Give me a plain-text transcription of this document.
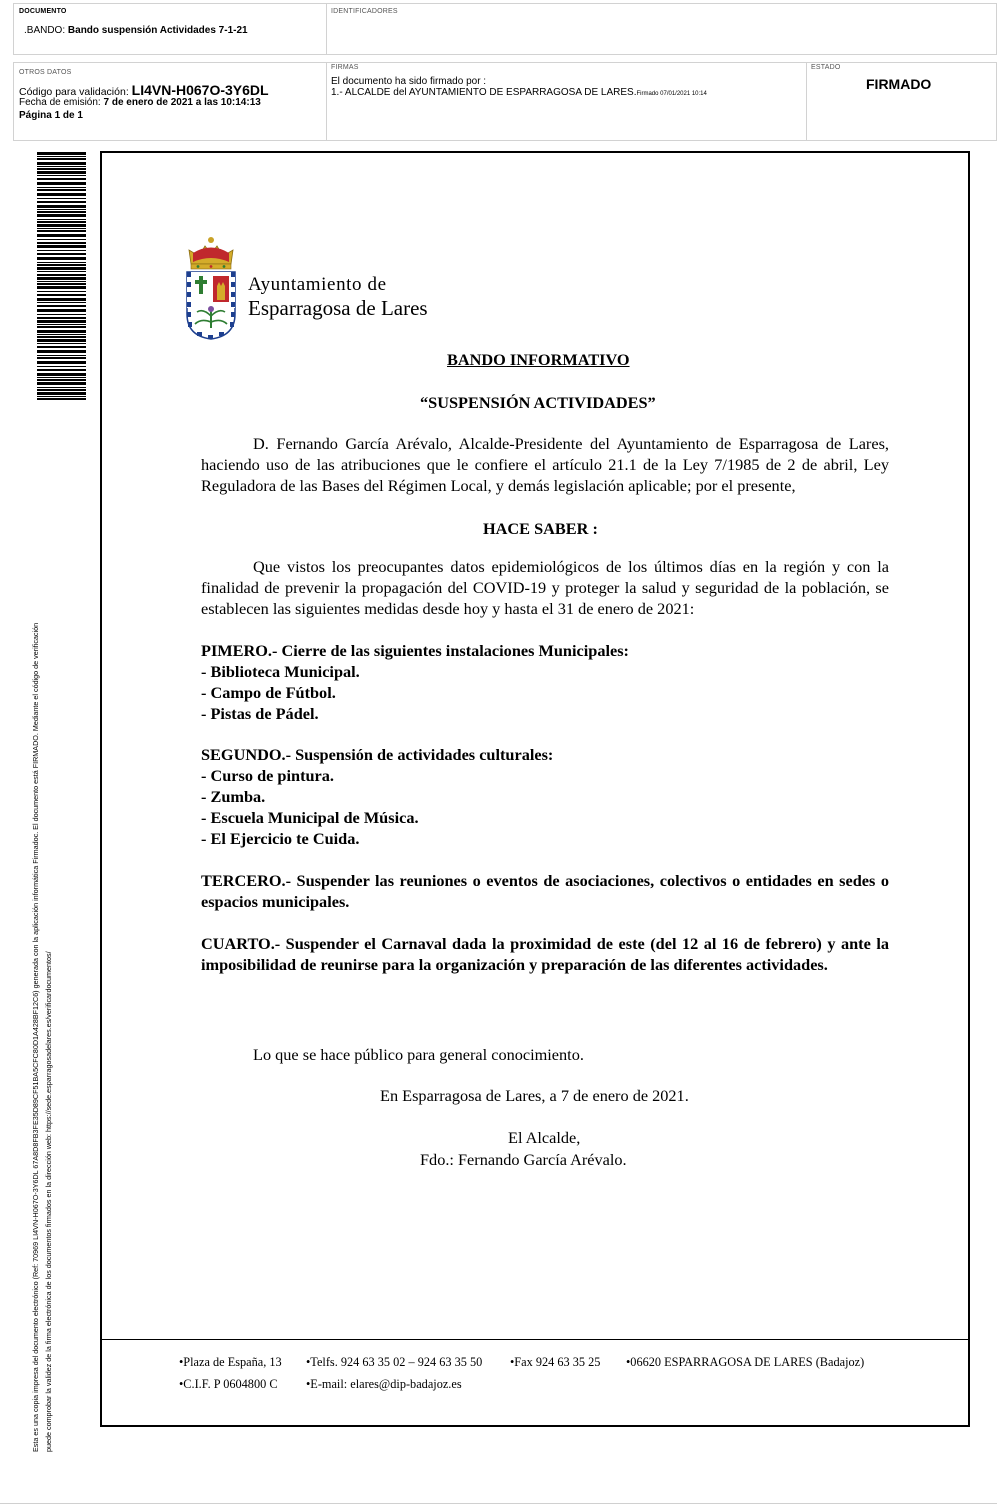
DOCUMENTO
.BANDO: Bando suspensión Actividades 7-1-21
IDENTIFICADORES
OTROS DATOS
Código para validación: LI4VN-H067O-3Y6DL
Fecha de emisión: 7 de enero de 2021 a las 10:14:13
Página 1 de 1
FIRMAS
El documento ha sido firmado por :
1.- ALCALDE del AYUNTAMIENTO DE ESPARRAGOSA DE LARES.Firmado 07/01/2021 10:14
ESTADO
FIRMADO
Esta es una copia impresa del documento electrónico (Ref: 70969 LI4VN-H067O-3Y6DL 67A8D8FB3FE35D89CF51BA5CFC80D1A428BF12C6) generada con la aplicación informática Firmadoc. El documento está FIRMADO. Mediante el código de verificación puede comprobar la validez de la firma electrónica de los documentos firmados en la dirección web: https://sede.esparragosadelares.es/verificardocumentos/
Ayuntamiento de
Esparragosa de Lares
BANDO INFORMATIVO
“SUSPENSIÓN ACTIVIDADES”

D. Fernando García Arévalo, Alcalde-Presidente del Ayuntamiento de Esparragosa de Lares, haciendo uso de las atribuciones que le confiere el artículo 21.1 de la Ley 7/1985 de 2 de abril, Ley Reguladora de las Bases del Régimen Local, y demás legislación aplicable; por el presente,

HACE SABER :

Que vistos los preocupantes datos epidemiológicos de los últimos días en la región y con la finalidad de prevenir la propagación del COVID-19 y proteger la salud y seguridad de la población, se establecen las siguientes medidas desde hoy y hasta el 31 de enero de 2021:

PIMERO.- Cierre de las siguientes instalaciones Municipales:
- Biblioteca Municipal.
- Campo de Fútbol.
- Pistas de Pádel.
SEGUNDO.- Suspensión de actividades culturales:
- Curso de pintura.
- Zumba.
- Escuela Municipal de Música.
- El Ejercicio te Cuida.

TERCERO.- Suspender las reuniones o eventos de asociaciones, colectivos o entidades en sedes o espacios municipales.

CUARTO.- Suspender el Carnaval dada la proximidad de este (del 12 al 16 de febrero) y ante la imposibilidad de reunirse para la organización y preparación de las diferentes actividades.

Lo que se hace público para general conocimiento.
En Esparragosa de Lares, a 7 de enero de 2021.
El Alcalde,
Fdo.: Fernando García Arévalo.
•Plaza de España, 13 •Telfs. 924 63 35 02 – 924 63 35 50 •Fax 924 63 35 25 •06620 ESPARRAGOSA DE LARES (Badajoz)
•C.I.F. P 0604800 C •E-mail: elares@dip-badajoz.es
